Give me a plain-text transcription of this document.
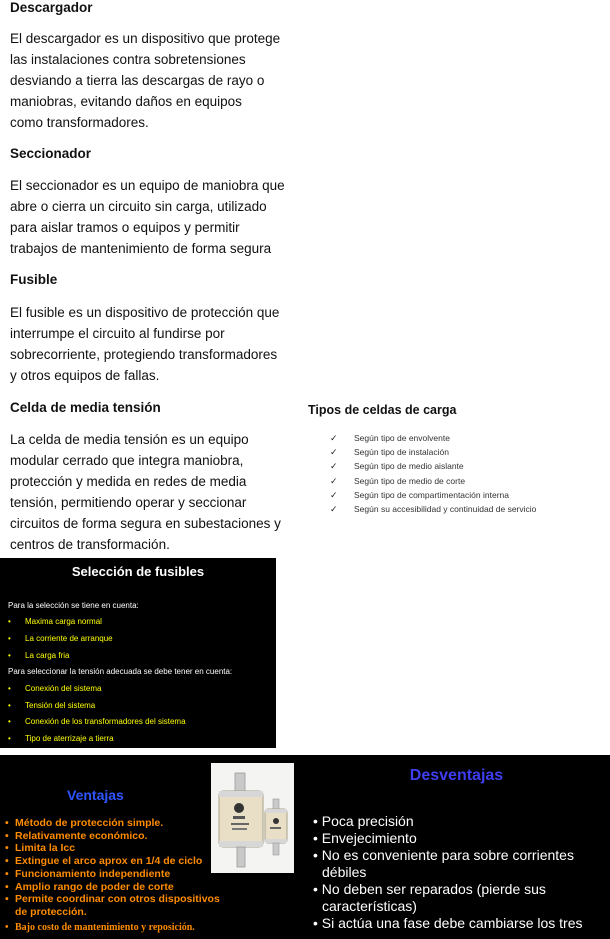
Descargador
El descargador es un dispositivo que protege
las instalaciones contra sobretensiones
desviando a tierra las descargas de rayo o
maniobras, evitando daños en equipos
como transformadores.
Seccionador
El seccionador es un equipo de maniobra que
abre o cierra un circuito sin carga, utilizado
para aislar tramos o equipos y permitir
trabajos de mantenimiento de forma segura
Fusible
El fusible es un dispositivo de protección que
interrumpe el circuito al fundirse por
sobrecorriente, protegiendo transformadores
y otros equipos de fallas.
Celda de media tensión
La celda de media tensión es un equipo
modular cerrado que integra maniobra,
protección y medida en redes de media
tensión, permitiendo operar y seccionar
circuitos de forma segura en subestaciones y
centros de transformación.
Tipos de celdas de carga
✓ Según tipo de envolvente
✓ Según tipo de instalación
✓ Según tipo de medio aislante
✓ Según tipo de medio de corte
✓ Según tipo de compartimentación interna
✓ Según su accesibilidad y continuidad de servicio
Selección de fusibles
Para la selección se tiene en cuenta:
• Maxima carga normal
• La corriente de arranque
• La carga fria
Para seleccionar la tensión adecuada se debe tener en cuenta:
• Conexión del sistema
• Tensión del sistema
• Conexión de los transformadores del sistema
• Tipo de aterrizaje a tierra
Ventajas
• Método de protección simple.
• Relativamente económico.
• Limita la Icc
• Extingue el arco aprox en 1/4 de ciclo
• Funcionamiento independiente
• Amplio rango de poder de corte
• Permite coordinar con otros dispositivos
de protección.
• Bajo costo de mantenimiento y reposición.
Desventajas
• Poca precisión
• Envejecimiento
• No es conveniente para sobre corrientes
débiles
• No deben ser reparados (pierde sus
características)
• Si actúa una fase debe cambiarse los tres
